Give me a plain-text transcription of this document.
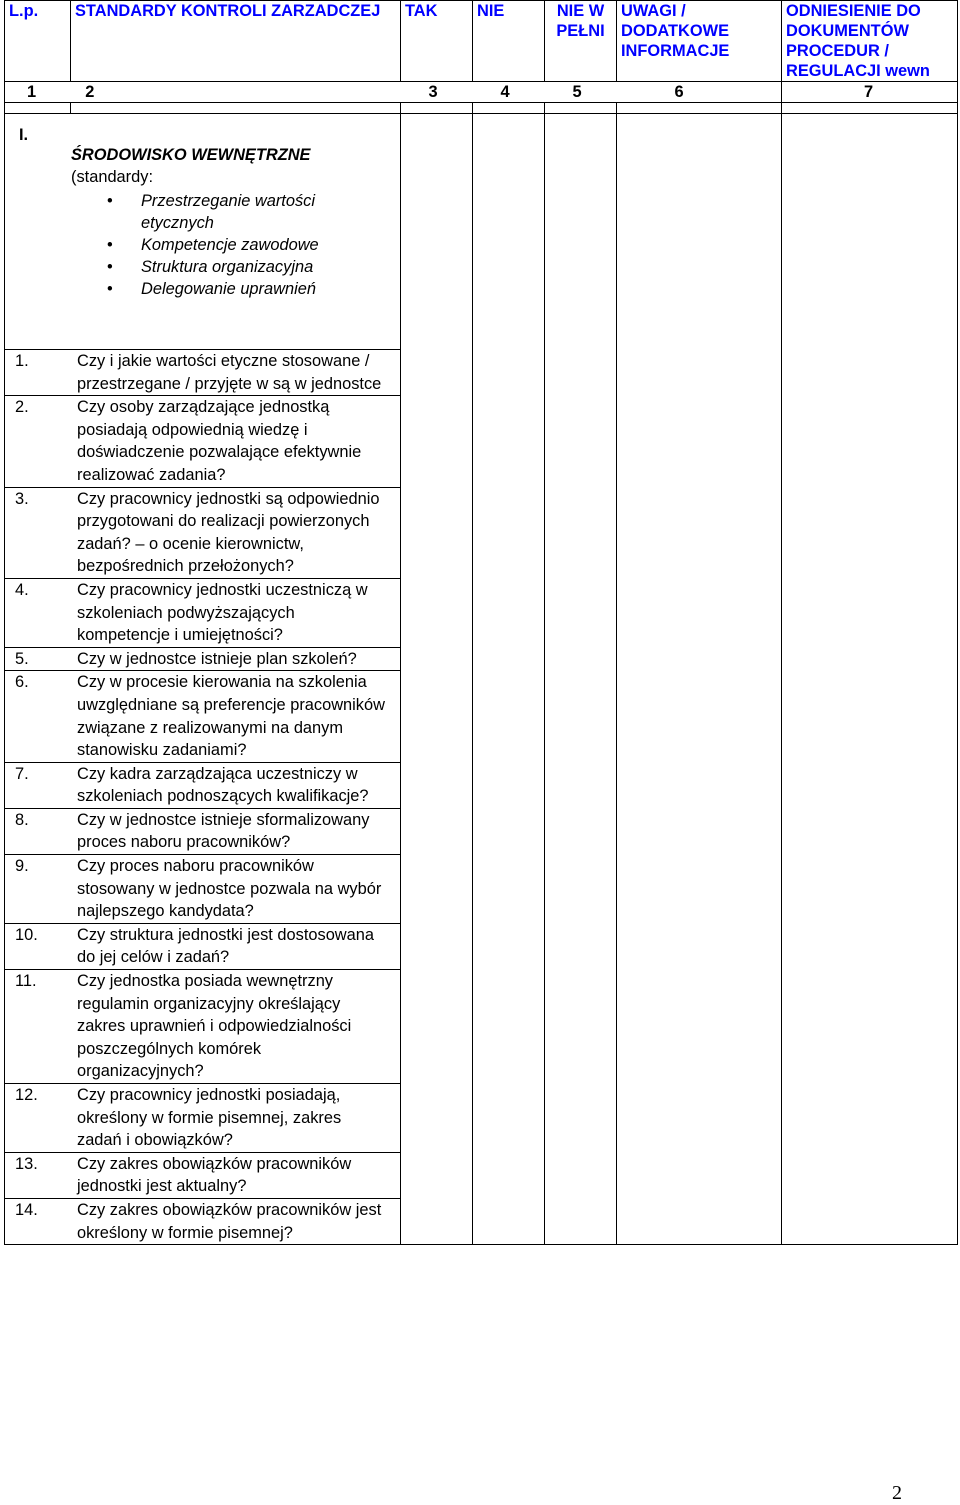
L.p.	STANDARDY KONTROLI ZARZADCZEJ	TAK	NIE	NIE W PEŁNI	UWAGI / DODATKOWE INFORMACJE	ODNIESIENIE DO DOKUMENTÓW PROCEDUR / REGULACJI wewn
1	2	3	4	5	6	7

I.
ŚRODOWISKO WEWNĘTRZNE
(standardy:
• Przestrzeganie wartości etycznych
• Kompetencje zawodowe
• Struktura organizacyjna
• Delegowanie uprawnień

1.	Czy i jakie wartości etyczne stosowane / przestrzegane / przyjęte w są w jednostce
2.	Czy osoby zarządzające jednostką posiadają odpowiednią wiedzę i doświadczenie pozwalające efektywnie realizować zadania?
3.	Czy pracownicy jednostki są odpowiednio przygotowani do realizacji powierzonych zadań? – o ocenie kierownictw, bezpośrednich przełożonych?
4.	Czy pracownicy jednostki uczestniczą w szkoleniach podwyższających kompetencje i umiejętności?
5.	Czy w jednostce istnieje plan szkoleń?
6.	Czy w procesie kierowania na szkolenia uwzględniane są preferencje pracowników związane z realizowanymi na danym stanowisku zadaniami?
7.	Czy kadra zarządzająca uczestniczy w szkoleniach podnoszących kwalifikacje?
8.	Czy w jednostce istnieje sformalizowany proces naboru pracowników?
9.	Czy proces naboru pracowników stosowany w jednostce pozwala na wybór najlepszego kandydata?
10.	Czy struktura jednostki jest dostosowana do jej celów i zadań?
11.	Czy jednostka posiada wewnętrzny regulamin organizacyjny określający zakres uprawnień i odpowiedzialności poszczególnych komórek organizacyjnych?
12.	Czy pracownicy jednostki posiadają, określony w formie pisemnej, zakres zadań i obowiązków?
13.	Czy zakres obowiązków pracowników jednostki jest aktualny?
14.	Czy zakres obowiązków pracowników jest określony w formie pisemnej?
2
